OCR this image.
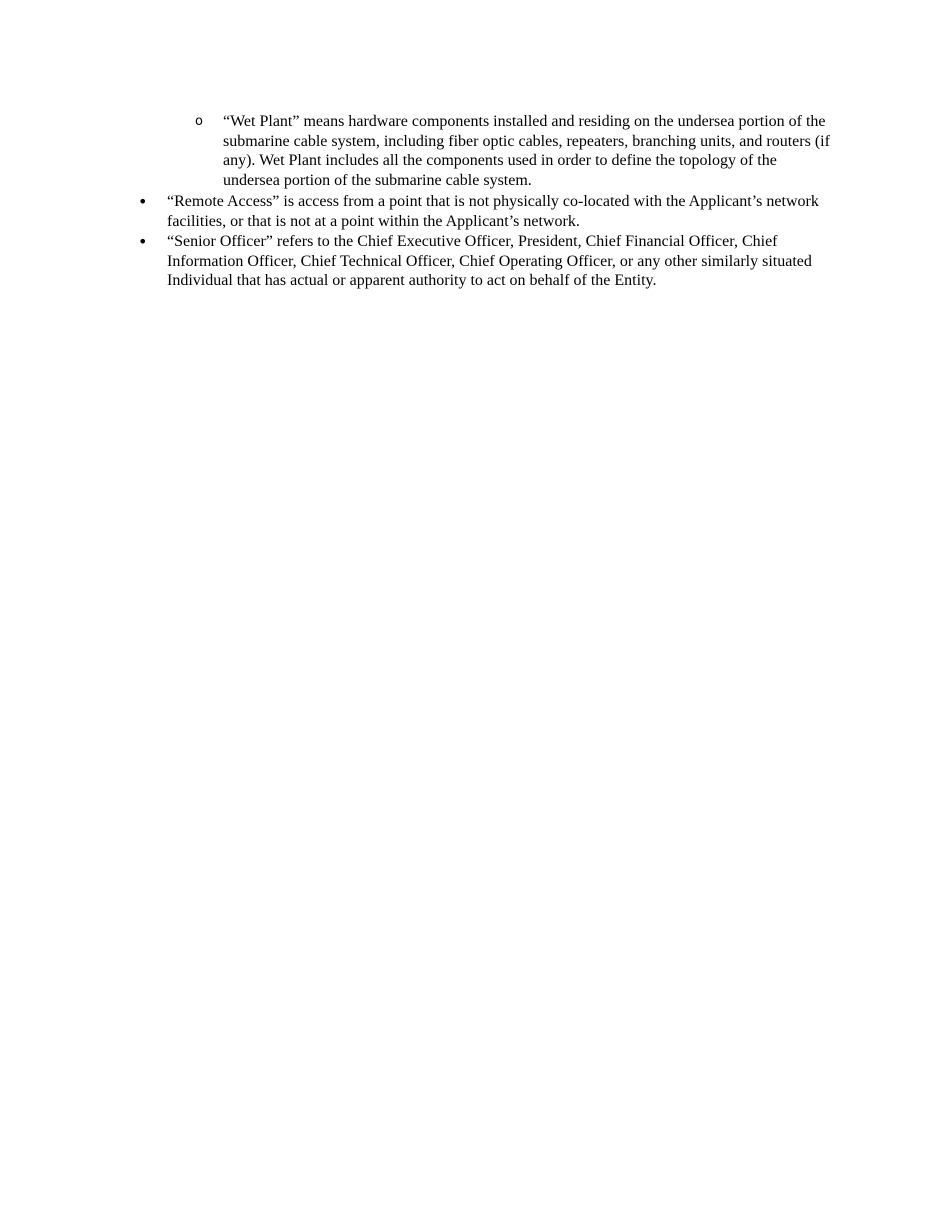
o “Wet Plant” means hardware components installed and residing on the undersea portion of the submarine cable system, including fiber optic cables, repeaters, branching units, and routers (if any). Wet Plant includes all the components used in order to define the topology of the undersea portion of the submarine cable system.
• “Remote Access” is access from a point that is not physically co-located with the Applicant’s network facilities, or that is not at a point within the Applicant’s network.
• “Senior Officer” refers to the Chief Executive Officer, President, Chief Financial Officer, Chief Information Officer, Chief Technical Officer, Chief Operating Officer, or any other similarly situated Individual that has actual or apparent authority to act on behalf of the Entity.
